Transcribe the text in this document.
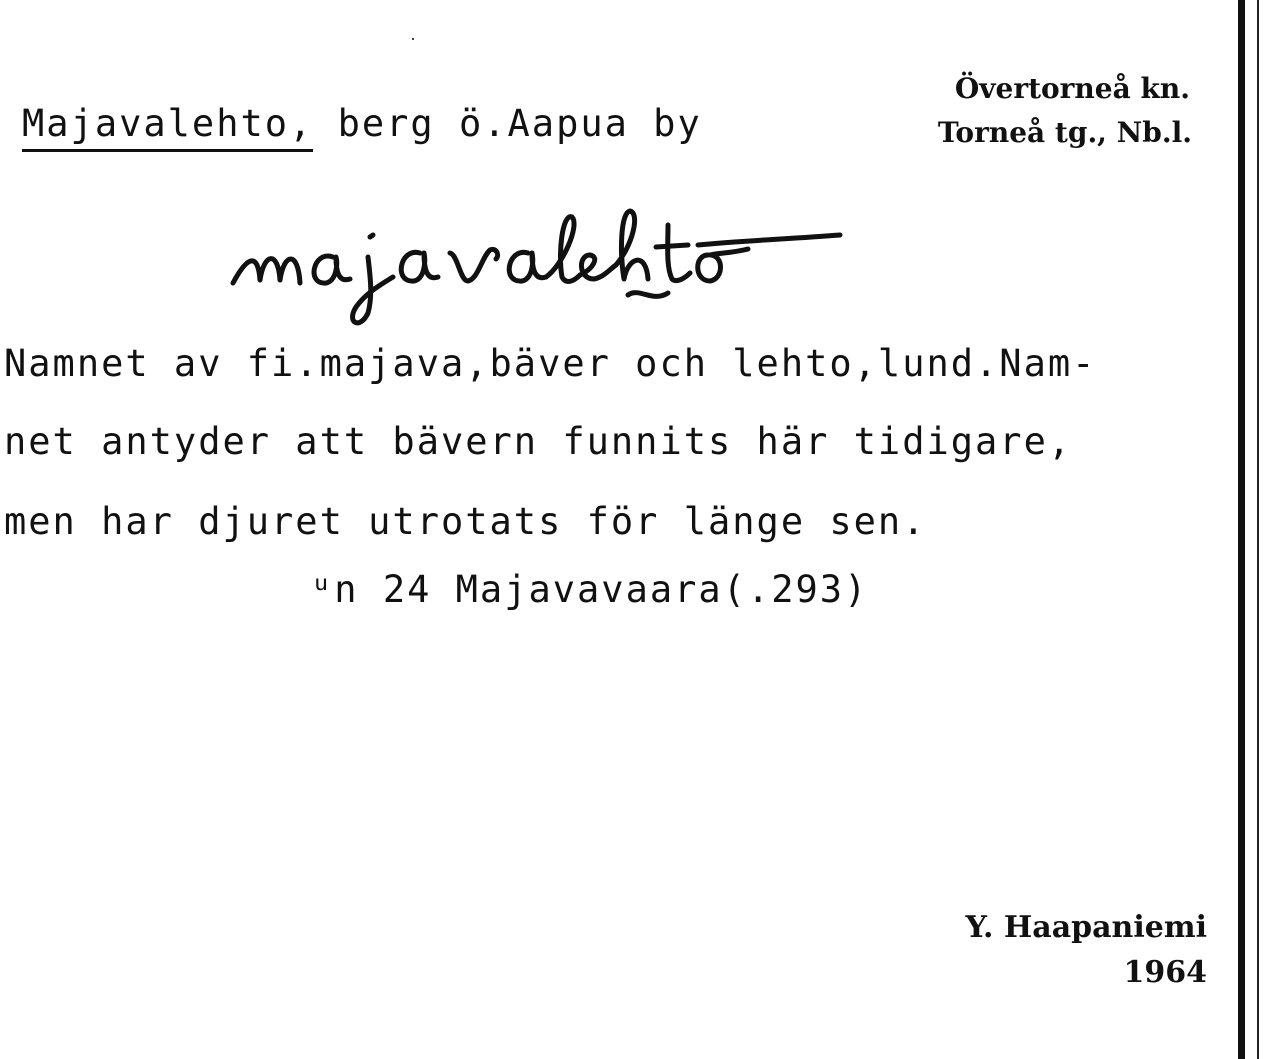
Övertorneå kn.
Torneå tg., Nb.l.
Majavalehto, berg ö.Aapua by
Namnet av fi.majava,bäver och lehto,lund.Nam-
net antyder att bävern funnits här tidigare,
men har djuret utrotats för länge sen.
ᵘn 24 Majavavaara(.293)
Y. Haapaniemi
1964
